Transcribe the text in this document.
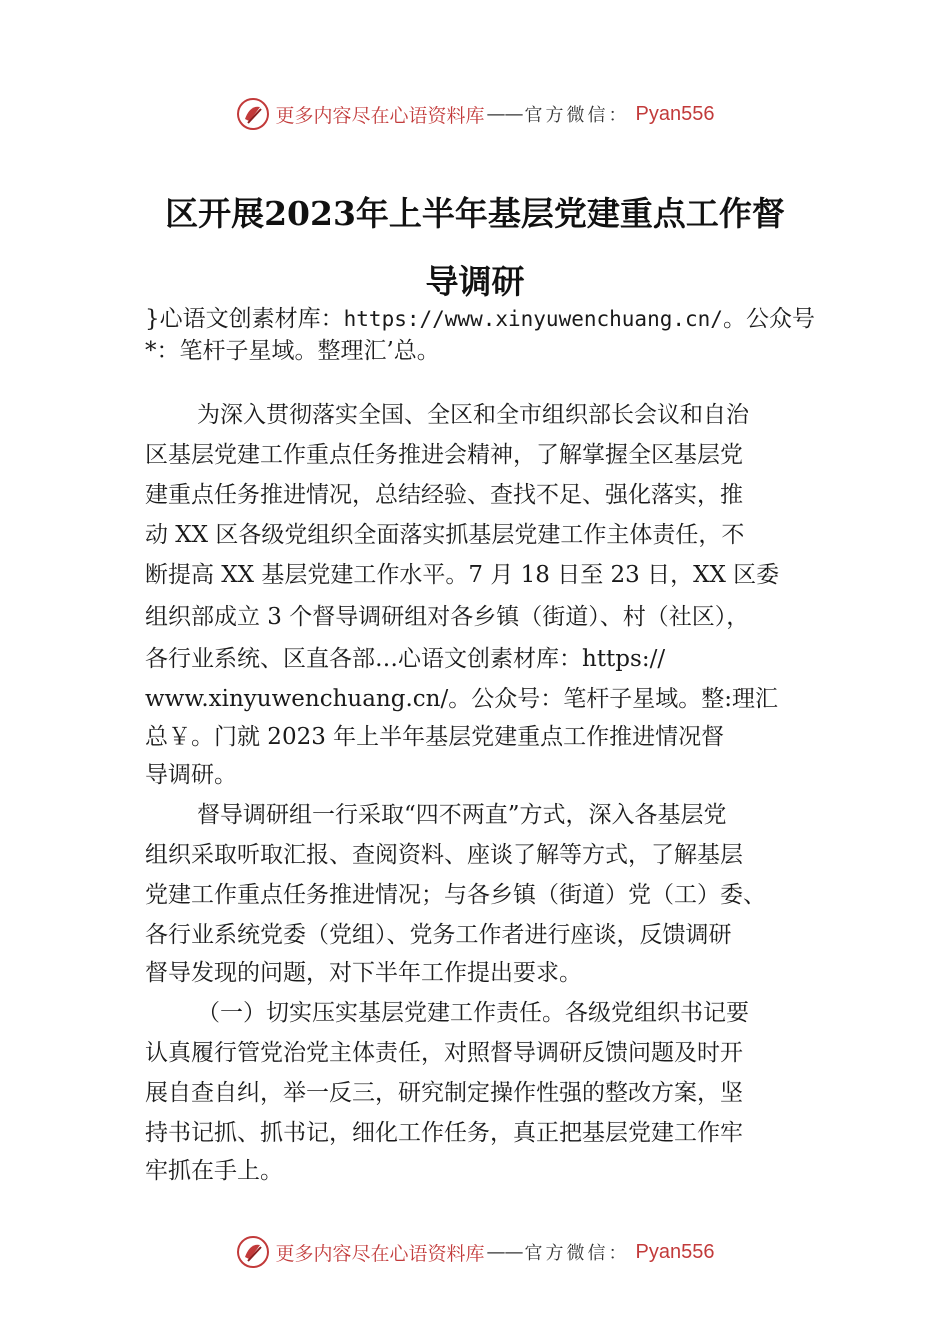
更多内容尽在心语资料库 —— 官方微信： Pyan556
区开展2023年上半年基层党建重点工作督
导调研
}心语文创素材库：https://www.xinyuwenchuang.cn/。公众号
*：笔杆子星域。整理汇’总。
为深入贯彻落实全国、全区和全市组织部长会议和自治
区基层党建工作重点任务推进会精神，了解掌握全区基层党
建重点任务推进情况，总结经验、查找不足、强化落实，推
动 XX 区各级党组织全面落实抓基层党建工作主体责任，不
断提高 XX 基层党建工作水平。7 月 18 日至 23 日，XX 区委
组织部成立 3 个督导调研组对各乡镇（街道）、村（社区），
各行业系统、区直各部…心语文创素材库：https://
www.xinyuwenchuang.cn/。公众号：笔杆子星域。整:理汇
总￥。门就 2023 年上半年基层党建重点工作推进情况督
导调研。
督导调研组一行采取“四不两直”方式，深入各基层党
组织采取听取汇报、查阅资料、座谈了解等方式，了解基层
党建工作重点任务推进情况；与各乡镇（街道）党（工）委、
各行业系统党委（党组）、党务工作者进行座谈，反馈调研
督导发现的问题，对下半年工作提出要求。
（一）切实压实基层党建工作责任。各级党组织书记要
认真履行管党治党主体责任，对照督导调研反馈问题及时开
展自查自纠，举一反三，研究制定操作性强的整改方案，坚
持书记抓、抓书记，细化工作任务，真正把基层党建工作牢
牢抓在手上。
更多内容尽在心语资料库 —— 官方微信： Pyan556
